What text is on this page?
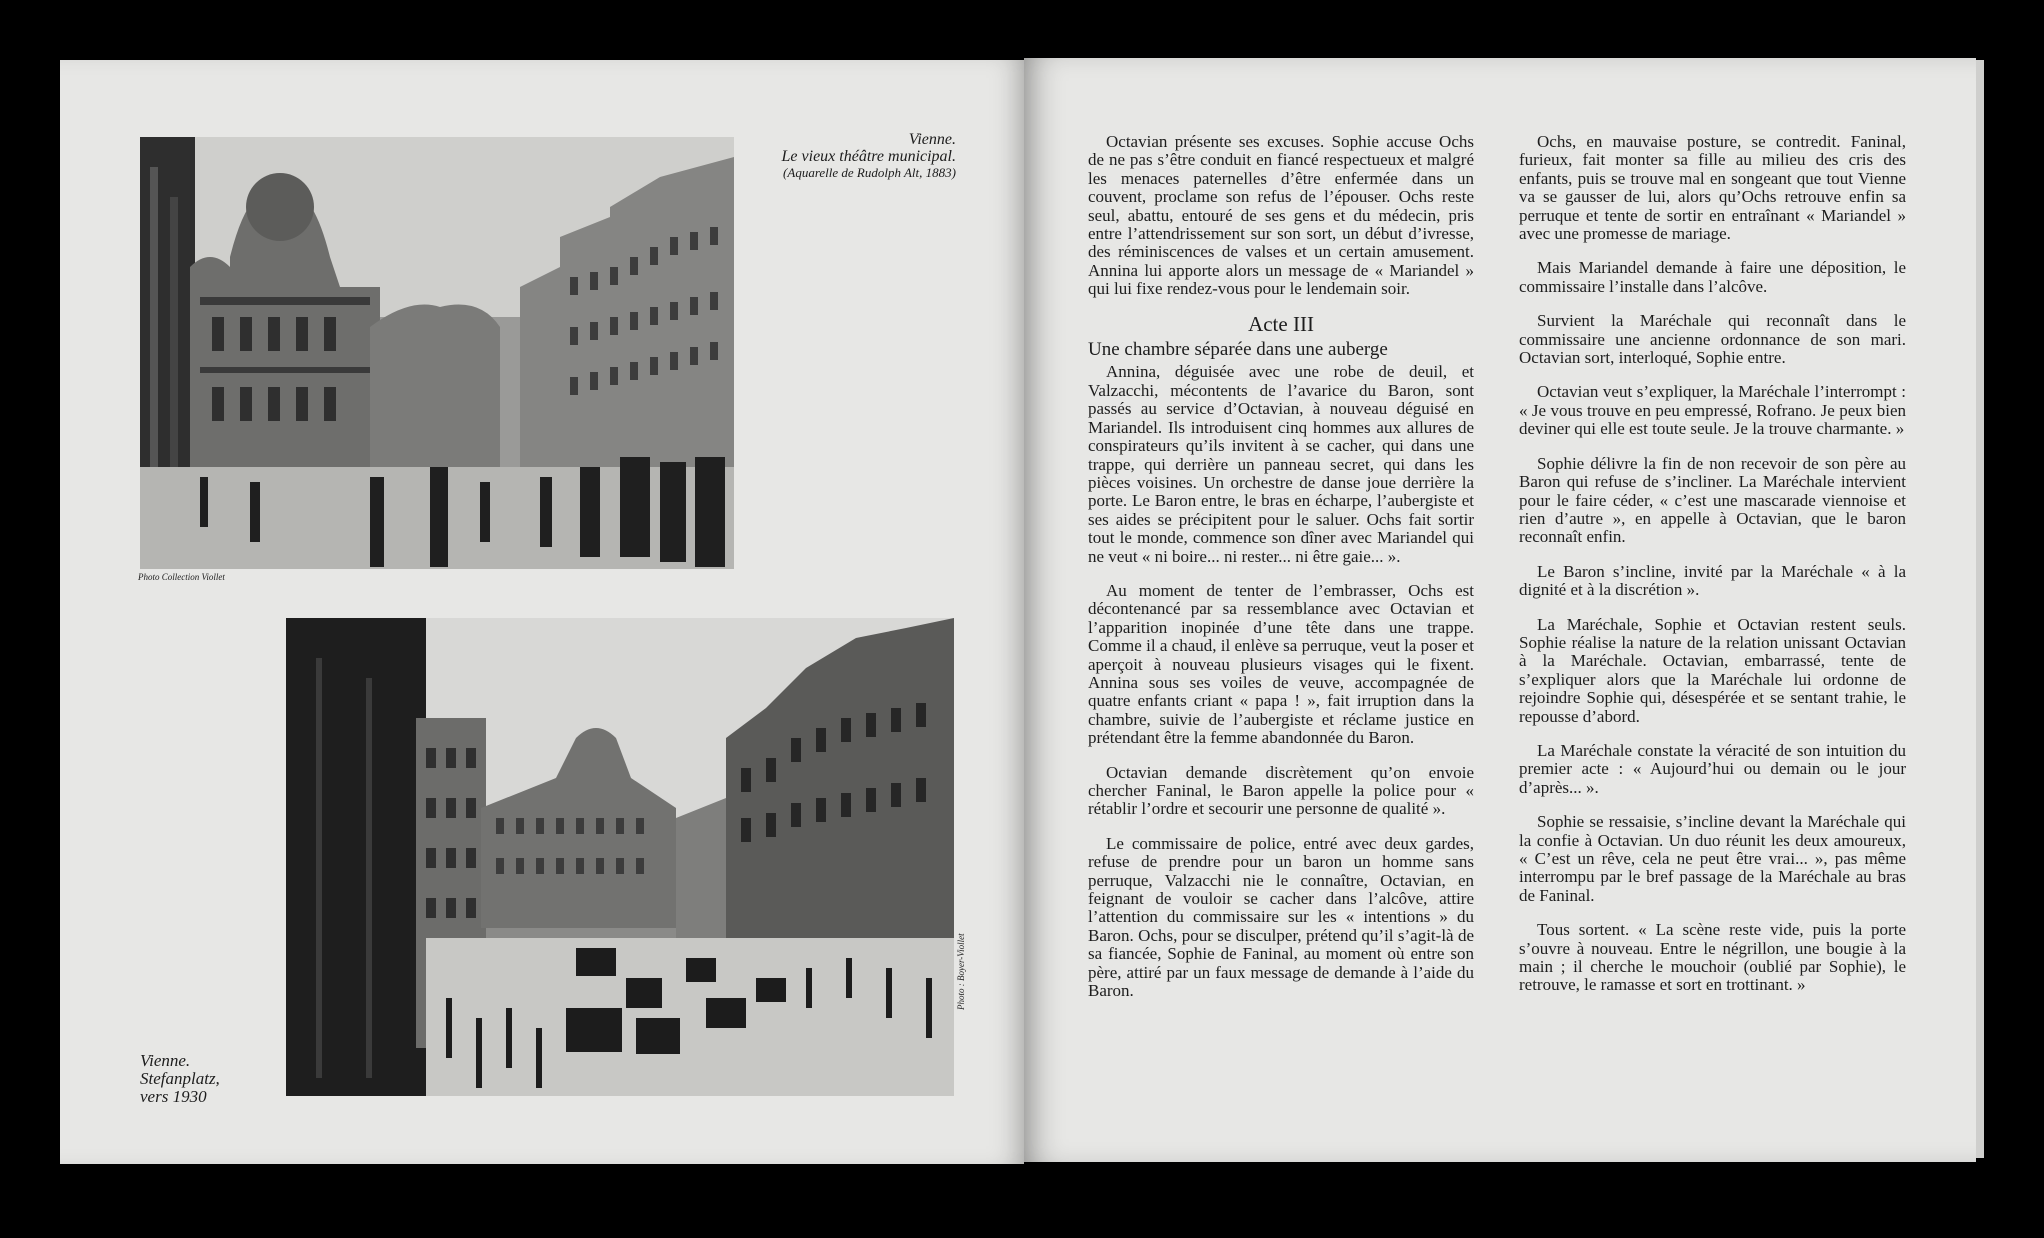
Vienne.
Le vieux théâtre municipal.
(Aquarelle de Rudolph Alt, 1883)
Photo Collection Viollet
Vienne.
Stefanplatz,
vers 1930
Photo : Boyer-Viollet

Octavian présente ses excuses. Sophie accuse Ochs de ne pas s’être conduit en fiancé respectueux et malgré les menaces paternelles d’être enfermée dans un couvent, proclame son refus de l’épouser. Ochs reste seul, abattu, entouré de ses gens et du médecin, pris entre l’attendrissement sur son sort, un début d’ivresse, des réminiscences de valses et un certain amusement. Annina lui apporte alors un message de « Mariandel » qui lui fixe rendez-vous pour le lendemain soir.

Acte III
Une chambre séparée dans une auberge

Annina, déguisée avec une robe de deuil, et Valzacchi, mécontents de l’avarice du Baron, sont passés au service d’Octavian, à nouveau déguisé en Mariandel. Ils introduisent cinq hommes aux allures de conspirateurs qu’ils invitent à se cacher, qui dans une trappe, qui derrière un panneau secret, qui dans les pièces voisines. Un orchestre de danse joue derrière la porte. Le Baron entre, le bras en écharpe, l’aubergiste et ses aides se précipitent pour le saluer. Ochs fait sortir tout le monde, commence son dîner avec Mariandel qui ne veut « ni boire... ni rester... ni être gaie... ».

Au moment de tenter de l’embrasser, Ochs est décontenancé par sa ressemblance avec Octavian et l’apparition inopinée d’une tête dans une trappe. Comme il a chaud, il enlève sa perruque, veut la poser et aperçoit à nouveau plusieurs visages qui le fixent. Annina sous ses voiles de veuve, accompagnée de quatre enfants criant « papa ! », fait irruption dans la chambre, suivie de l’aubergiste et réclame justice en prétendant être la femme abandonnée du Baron.

Octavian demande discrètement qu’on envoie chercher Faninal, le Baron appelle la police pour « rétablir l’ordre et secourir une personne de qualité ».

Le commissaire de police, entré avec deux gardes, refuse de prendre pour un baron un homme sans perruque, Valzacchi nie le connaître, Octavian, en feignant de vouloir se cacher dans l’alcôve, attire l’attention du commissaire sur les « intentions » du Baron. Ochs, pour se disculper, prétend qu’il s’agit-là de sa fiancée, Sophie de Faninal, au moment où entre son père, attiré par un faux message de demande à l’aide du Baron.

Ochs, en mauvaise posture, se contredit. Faninal, furieux, fait monter sa fille au milieu des cris des enfants, puis se trouve mal en songeant que tout Vienne va se gausser de lui, alors qu’Ochs retrouve enfin sa perruque et tente de sortir en entraînant « Mariandel » avec une promesse de mariage.

Mais Mariandel demande à faire une déposition, le commissaire l’installe dans l’alcôve.

Survient la Maréchale qui reconnaît dans le commissaire une ancienne ordonnance de son mari. Octavian sort, interloqué, Sophie entre.

Octavian veut s’expliquer, la Maréchale l’interrompt : « Je vous trouve en peu empressé, Rofrano. Je peux bien deviner qui elle est toute seule. Je la trouve charmante. »

Sophie délivre la fin de non recevoir de son père au Baron qui refuse de s’incliner. La Maréchale intervient pour le faire céder, « c’est une mascarade viennoise et rien d’autre », en appelle à Octavian, que le baron reconnaît enfin.

Le Baron s’incline, invité par la Maréchale « à la dignité et à la discrétion ».

La Maréchale, Sophie et Octavian restent seuls. Sophie réalise la nature de la relation unissant Octavian à la Maréchale. Octavian, embarrassé, tente de s’expliquer alors que la Maréchale lui ordonne de rejoindre Sophie qui, désespérée et se sentant trahie, le repousse d’abord.

La Maréchale constate la véracité de son intuition du premier acte : « Aujourd’hui ou demain ou le jour d’après... ».

Sophie se ressaisie, s’incline devant la Maréchale qui la confie à Octavian. Un duo réunit les deux amoureux, « C’est un rêve, cela ne peut être vrai... », pas même interrompu par le bref passage de la Maréchale au bras de Faninal.

Tous sortent. « La scène reste vide, puis la porte s’ouvre à nouveau. Entre le négrillon, une bougie à la main ; il cherche le mouchoir (oublié par Sophie), le retrouve, le ramasse et sort en trottinant. »
